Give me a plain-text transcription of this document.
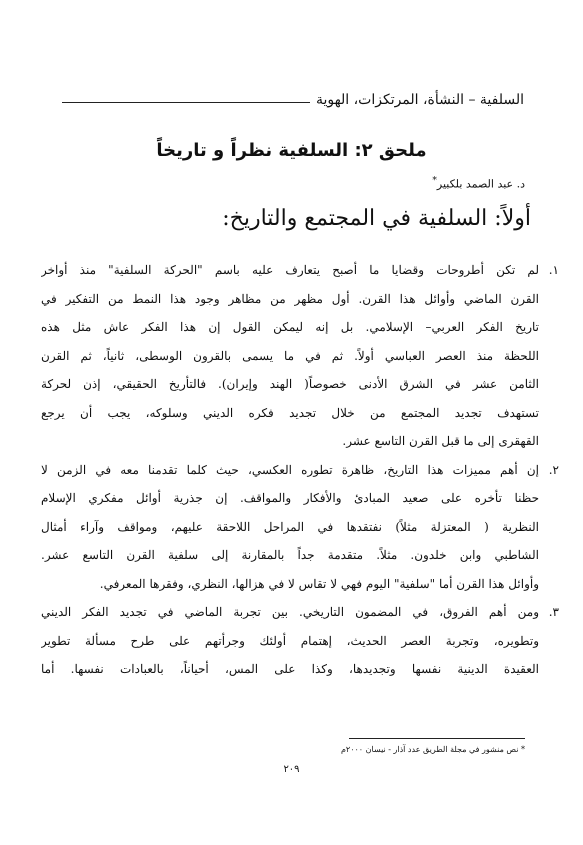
السلفية – النشأة، المرتكزات، الهوية
ملحق ٢: السلفية نظراً و تاريخاً
د. عبد الصمد بلكبير*
أولاً: السلفية في المجتمع والتاريخ:
١.
لم تكن أطروحات وقضايا ما أصبح يتعارف عليه باسم "الحركة السلفية" منذ أواخر
القرن الماضي وأوائل هذا القرن. أول مظهر من مظاهر وجود هذا النمط من التفكير في
تاريخ الفكر العربي– الإسلامي. بل إنه ليمكن القول إن هذا الفكر عاش مثل هذه
اللحظة منذ العصر العباسي أولاً. ثم في ما يسمى بالقرون الوسطى، ثانياً، ثم القرن
الثامن عشر في الشرق الأدنى خصوصاً( الهند وإيران). فالتأريخ الحقيقي، إذن لحركة
تستهدف تجديد المجتمع من خلال تجديد فكره الديني وسلوكه، يجب أن يرجع
القهقرى إلى ما قبل القرن التاسع عشر.
٢.
إن أهم مميزات هذا التاريخ، ظاهرة تطوره العكسي، حيث كلما تقدمنا معه في الزمن لا
حظنا تأخره على صعيد المبادئ والأفكار والمواقف. إن جذرية أوائل مفكري الإسلام
النظرية ( المعتزلة مثلاً) نفتقدها في المراحل اللاحقة عليهم، ومواقف وآراء أمثال
الشاطبي وابن خلدون. مثلاً. متقدمة جداً بالمقارنة إلى سلفية القرن التاسع عشر.
وأوائل هذا القرن أما "سلفية" اليوم فهي لا تقاس لا في هزالها، النظري، وفقرها المعرفي.
٣.
ومن أهم الفروق، في المضمون التاريخي. بين تجربة الماضي في تجديد الفكر الديني
وتطويره، وتجربة العصر الحديث، إهتمام أولئك وجرأتهم على طرح مسألة تطوير
العقيدة الدينية نفسها وتجديدها، وكذا على المس، أحياناً، بالعبادات نفسها. أما
* نص منشور في مجلة الطريق عدد آذار - نيسان ٢٠٠٠م
٢٠٩
